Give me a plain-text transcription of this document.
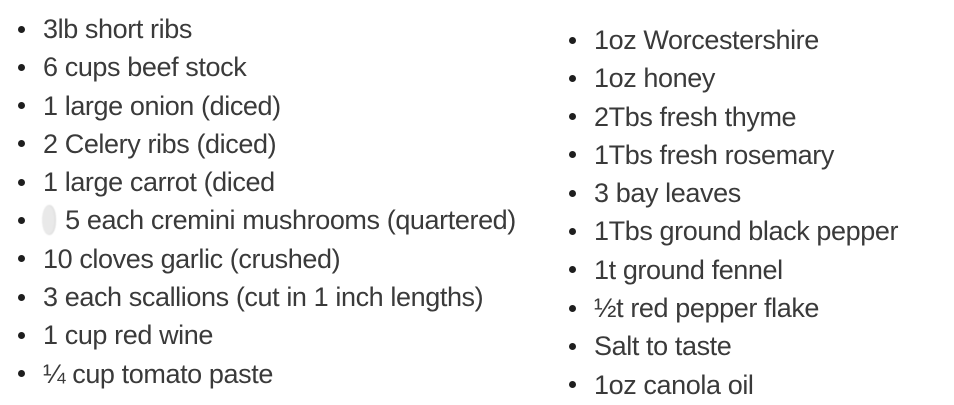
3lb short ribs
6 cups beef stock
1 large onion (diced)
2 Celery ribs (diced)
1 large carrot (diced
5 each cremini mushrooms (quartered)
10 cloves garlic (crushed)
3 each scallions (cut in 1 inch lengths)
1 cup red wine
¼ cup tomato paste
1oz Worcestershire
1oz honey
2Tbs fresh thyme
1Tbs fresh rosemary
3 bay leaves
1Tbs ground black pepper
1t ground fennel
½t red pepper flake
Salt to taste
1oz canola oil
